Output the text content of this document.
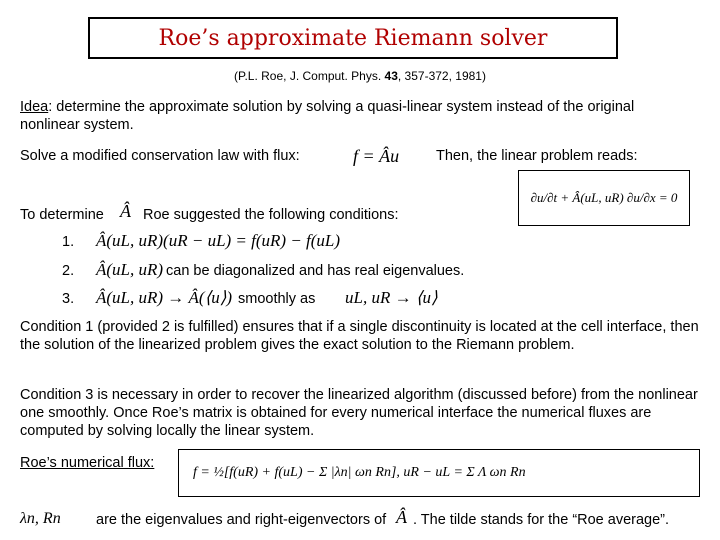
Roe’s approximate Riemann solver
(P.L. Roe, J. Comput. Phys. 43, 357-372, 1981)
Idea: determine the approximate solution by solving a quasi-linear system instead of the original nonlinear system.
Solve a modified conservation law with flux:	f = Âu	Then, the linear problem reads:
∂u/∂t + Â(uL, uR) ∂u/∂x = 0
To determine Â Roe suggested the following conditions:
1. Â(uL, uR)(uR − uL) = f(uR) − f(uL)
2. Â(uL, uR) can be diagonalized and has real eigenvalues.
3. Â(uL, uR) → Â(⟨u⟩) smoothly as uL, uR → ⟨u⟩
Condition 1 (provided 2 is fulfilled) ensures that if a single discontinuity is located at the cell interface, then the solution of the linearized problem gives the exact solution to the Riemann problem.
Condition 3 is necessary in order to recover the linearized algorithm (discussed before) from the nonlinear one smoothly. Once Roe’s matrix is obtained for every numerical interface the numerical fluxes are computed by solving locally the linear system.
Roe’s numerical flux:
f = ½[f(uR) + f(uL) − Σ |λn| ωn Rn], uR − uL = Σ Λ ωn Rn
λn, Rn are the eigenvalues and right-eigenvectors of Â . The tilde stands for the “Roe average”.
